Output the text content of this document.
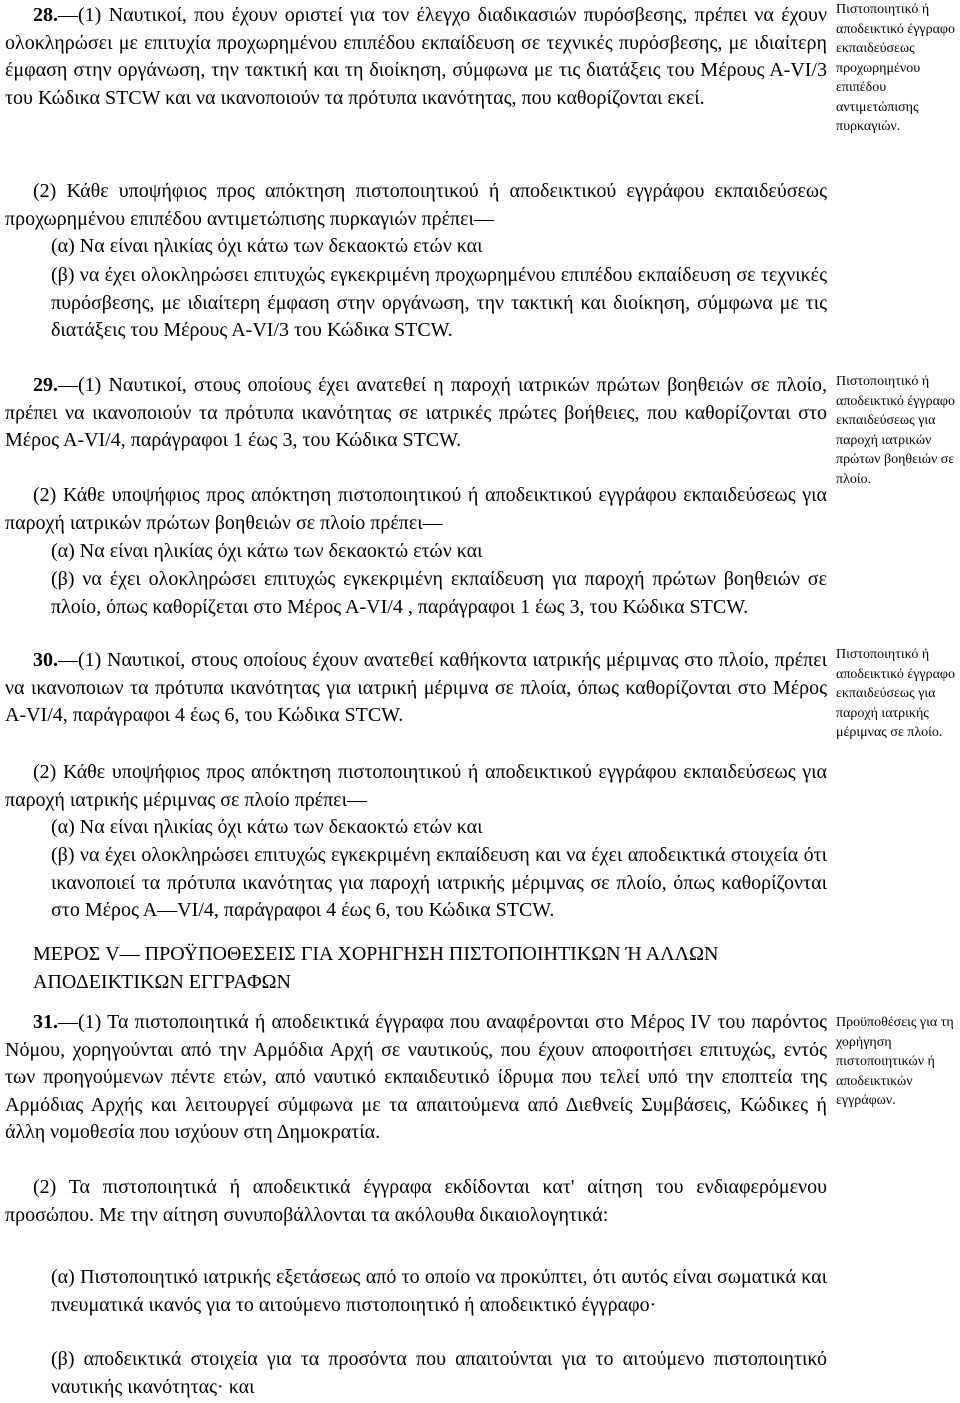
28.—(1) Ναυτικοί, που έχουν οριστεί για τον έλεγχο διαδικασιών πυρόσβεσης, πρέπει να έχουν ολοκληρώσει με επιτυχία προχωρημένου επιπέδου εκπαίδευση σε τεχνικές πυρόσβεσης, με ιδιαίτερη έμφαση στην οργάνωση, την τακτική και τη διοίκηση, σύμφωνα με τις διατάξεις του Μέρους Α-VI/3 του Κώδικα STCW και να ικανοποιούν τα πρότυπα ικανότητας, που καθορίζονται εκεί.

(2) Κάθε υποψήφιος προς απόκτηση πιστοποιητικού ή αποδεικτικού εγγράφου εκπαιδεύσεως προχωρημένου επιπέδου αντιμετώπισης πυρκαγιών πρέπει—

(α) Να είναι ηλικίας όχι κάτω των δεκαοκτώ ετών και

(β) να έχει ολοκληρώσει επιτυχώς εγκεκριμένη προχωρημένου επιπέδου εκπαίδευση σε τεχνικές πυρόσβεσης, με ιδιαίτερη έμφαση στην οργάνωση, την τακτική και διοίκηση, σύμφωνα με τις διατάξεις του Μέρους Α-VI/3 του Κώδικα STCW.

29.—(1) Ναυτικοί, στους οποίους έχει ανατεθεί η παροχή ιατρικών πρώτων βοηθειών σε πλοίο, πρέπει να ικανοποιούν τα πρότυπα ικανότητας σε ιατρικές πρώτες βοήθειες, που καθορίζονται στο Μέρος Α-VI/4, παράγραφοι 1 έως 3, του Κώδικα STCW.

(2) Κάθε υποψήφιος προς απόκτηση πιστοποιητικού ή αποδεικτικού εγγράφου εκπαιδεύσεως για παροχή ιατρικών πρώτων βοηθειών σε πλοίο πρέπει—

(α) Να είναι ηλικίας όχι κάτω των δεκαοκτώ ετών και

(β) να έχει ολοκληρώσει επιτυχώς εγκεκριμένη εκπαίδευση για παροχή πρώτων βοηθειών σε πλοίο, όπως καθορίζεται στο Μέρος Α-VI/4 , παράγραφοι 1 έως 3, του Κώδικα STCW.

30.—(1) Ναυτικοί, στους οποίους έχουν ανατεθεί καθήκοντα ιατρικής μέριμνας στο πλοίο, πρέπει να ικανοποιων τα πρότυπα ικανότητας για ιατρική μέριμνα σε πλοία, όπως καθορίζονται στο Μέρος Α-VI/4, παράγραφοι 4 έως 6, του Κώδικα STCW.

(2) Κάθε υποψήφιος προς απόκτηση πιστοποιητικού ή αποδεικτικού εγγράφου εκπαιδεύσεως για παροχή ιατρικής μέριμνας σε πλοίο πρέπει—

(α) Να είναι ηλικίας όχι κάτω των δεκαοκτώ ετών και

(β) να έχει ολοκληρώσει επιτυχώς εγκεκριμένη εκπαίδευση και να έχει αποδεικτικά στοιχεία ότι ικανοποιεί τα πρότυπα ικανότητας για παροχή ιατρικής μέριμνας σε πλοίο, όπως καθορίζονται στο Μέρος Α—VI/4, παράγραφοι 4 έως 6, του Κώδικα STCW.

ΜΕΡΟΣ V— ΠΡΟΫΠΟΘΕΣΕΙΣ ΓΙΑ ΧΟΡΗΓΗΣΗ ΠΙΣΤΟΠΟΙΗΤΙΚΩΝ Ή ΑΛΛΩΝ ΑΠΟΔΕΙΚΤΙΚΩΝ ΕΓΓΡΑΦΩΝ

31.—(1) Τα πιστοποιητικά ή αποδεικτικά έγγραφα που αναφέρονται στο Μέρος IV του παρόντος Νόμου, χορηγούνται από την Αρμόδια Αρχή σε ναυτικούς, που έχουν αποφοιτήσει επιτυχώς, εντός των προηγούμενων πέντε ετών, από ναυτικό εκπαιδευτικό ίδρυμα που τελεί υπό την εποπτεία της Αρμόδιας Αρχής και λειτουργεί σύμφωνα με τα απαιτούμενα από Διεθνείς Συμβάσεις, Κώδικες ή άλλη νομοθεσία που ισχύουν στη Δημοκρατία.

(2) Τα πιστοποιητικά ή αποδεικτικά έγγραφα εκδίδονται κατ' αίτηση του ενδιαφερόμενου προσώπου. Με την αίτηση συνυποβάλλονται τα ακόλουθα δικαιολογητικά:

(α) Πιστοποιητικό ιατρικής εξετάσεως από το οποίο να προκύπτει, ότι αυτός είναι σωματικά και πνευματικά ικανός για το αιτούμενο πιστοποιητικό ή αποδεικτικό έγγραφο·

(β) αποδεικτικά στοιχεία για τα προσόντα που απαιτούνται για το αιτούμενο πιστοποιητικό ναυτικής ικανότητας· και

Πιστοποιητικό ή αποδεικτικό έγγραφο εκπαιδεύσεως προχωρημένου επιπέδου αντιμετώπισης πυρκαγιών.

Πιστοποιητικό ή αποδεικτικό έγγραφο εκπαιδεύσεως για παροχή ιατρικών πρώτων βοηθειών σε πλοίο.

Πιστοποιητικό ή αποδεικτικό έγγραφο εκπαιδεύσεως για παροχή ιατρικής μέριμνας σε πλοίο.

Προϋποθέσεις για τη χορήγηση πιστοποιητικών ή αποδεικτικών εγγράφων.
